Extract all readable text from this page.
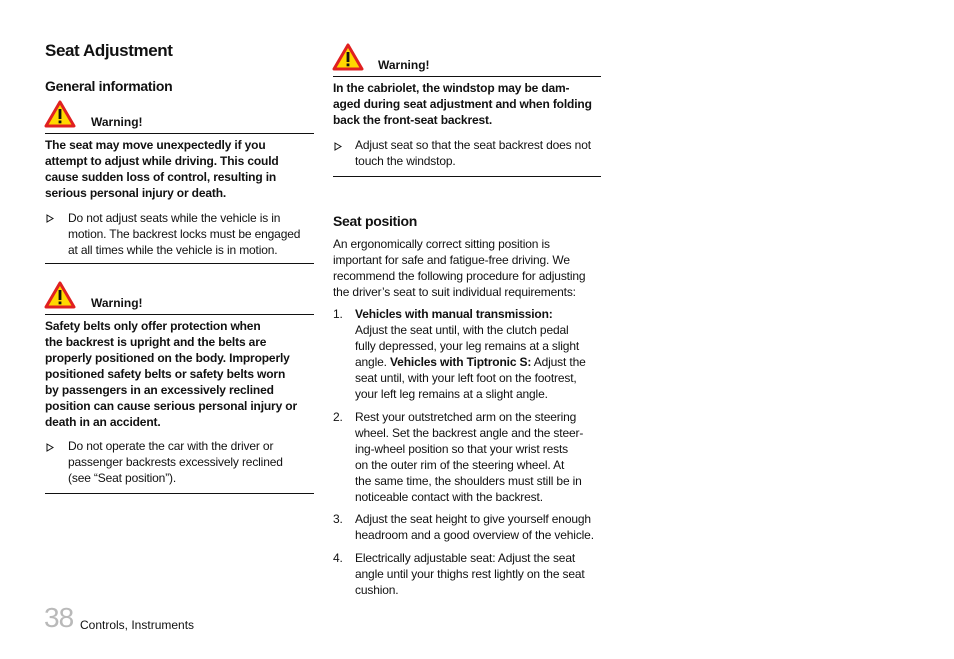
Seat Adjustment
General information
Warning!
The seat may move unexpectedly if you
attempt to adjust while driving. This could
cause sudden loss of control, resulting in
serious personal injury or death.
Do not adjust seats while the vehicle is in
motion. The backrest locks must be engaged
at all times while the vehicle is in motion.
Warning!
Safety belts only offer protection when
the backrest is upright and the belts are
properly positioned on the body. Improperly
positioned safety belts or safety belts worn
by passengers in an excessively reclined
position can cause serious personal injury or
death in an accident.
Do not operate the car with the driver or
passenger backrests excessively reclined
(see “Seat position”).
Warning!
In the cabriolet, the windstop may be dam-
aged during seat adjustment and when folding
back the front-seat backrest.
Adjust seat so that the seat backrest does not
touch the windstop.
Seat position
An ergonomically correct sitting position is
important for safe and fatigue-free driving. We
recommend the following procedure for adjusting
the driver’s seat to suit individual requirements:
1. Vehicles with manual transmission:
Adjust the seat until, with the clutch pedal
fully depressed, your leg remains at a slight
angle. Vehicles with Tiptronic S: Adjust the
seat until, with your left foot on the footrest,
your left leg remains at a slight angle.
2. Rest your outstretched arm on the steering
wheel. Set the backrest angle and the steer-
ing-wheel position so that your wrist rests
on the outer rim of the steering wheel. At
the same time, the shoulders must still be in
noticeable contact with the backrest.
3. Adjust the seat height to give yourself enough
headroom and a good overview of the vehicle.
4. Electrically adjustable seat: Adjust the seat
angle until your thighs rest lightly on the seat
cushion.
38 Controls, Instruments
